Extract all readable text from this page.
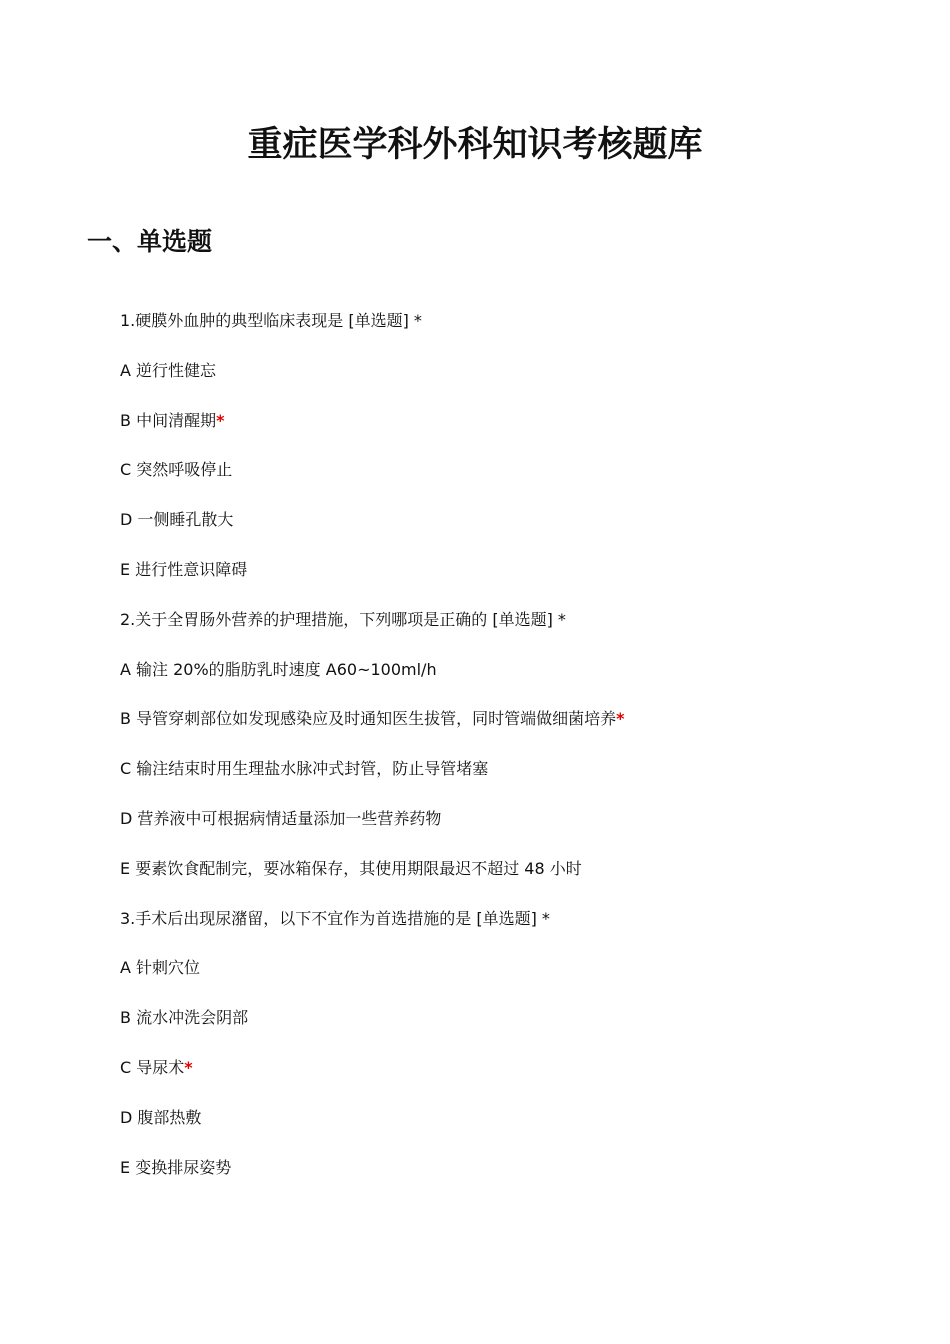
重症医学科外科知识考核题库
一、单选题
1.硬膜外血肿的典型临床表现是 [单选题] *
A 逆行性健忘
B 中间清醒期*
C 突然呼吸停止
D 一侧睡孔散大
E 进行性意识障碍
2.关于全胃肠外营养的护理措施，下列哪项是正确的 [单选题] *
A 输注 20%的脂肪乳时速度 A60~100ml/h
B 导管穿刺部位如发现感染应及时通知医生拔管，同时管端做细菌培养*
C 输注结束时用生理盐水脉冲式封管，防止导管堵塞
D 营养液中可根据病情适量添加一些营养药物
E 要素饮食配制完，要冰箱保存，其使用期限最迟不超过 48 小时
3.手术后出现尿潴留，以下不宜作为首选措施的是 [单选题] *
A 针刺穴位
B 流水冲洗会阴部
C 导尿术*
D 腹部热敷
E 变换排尿姿势
